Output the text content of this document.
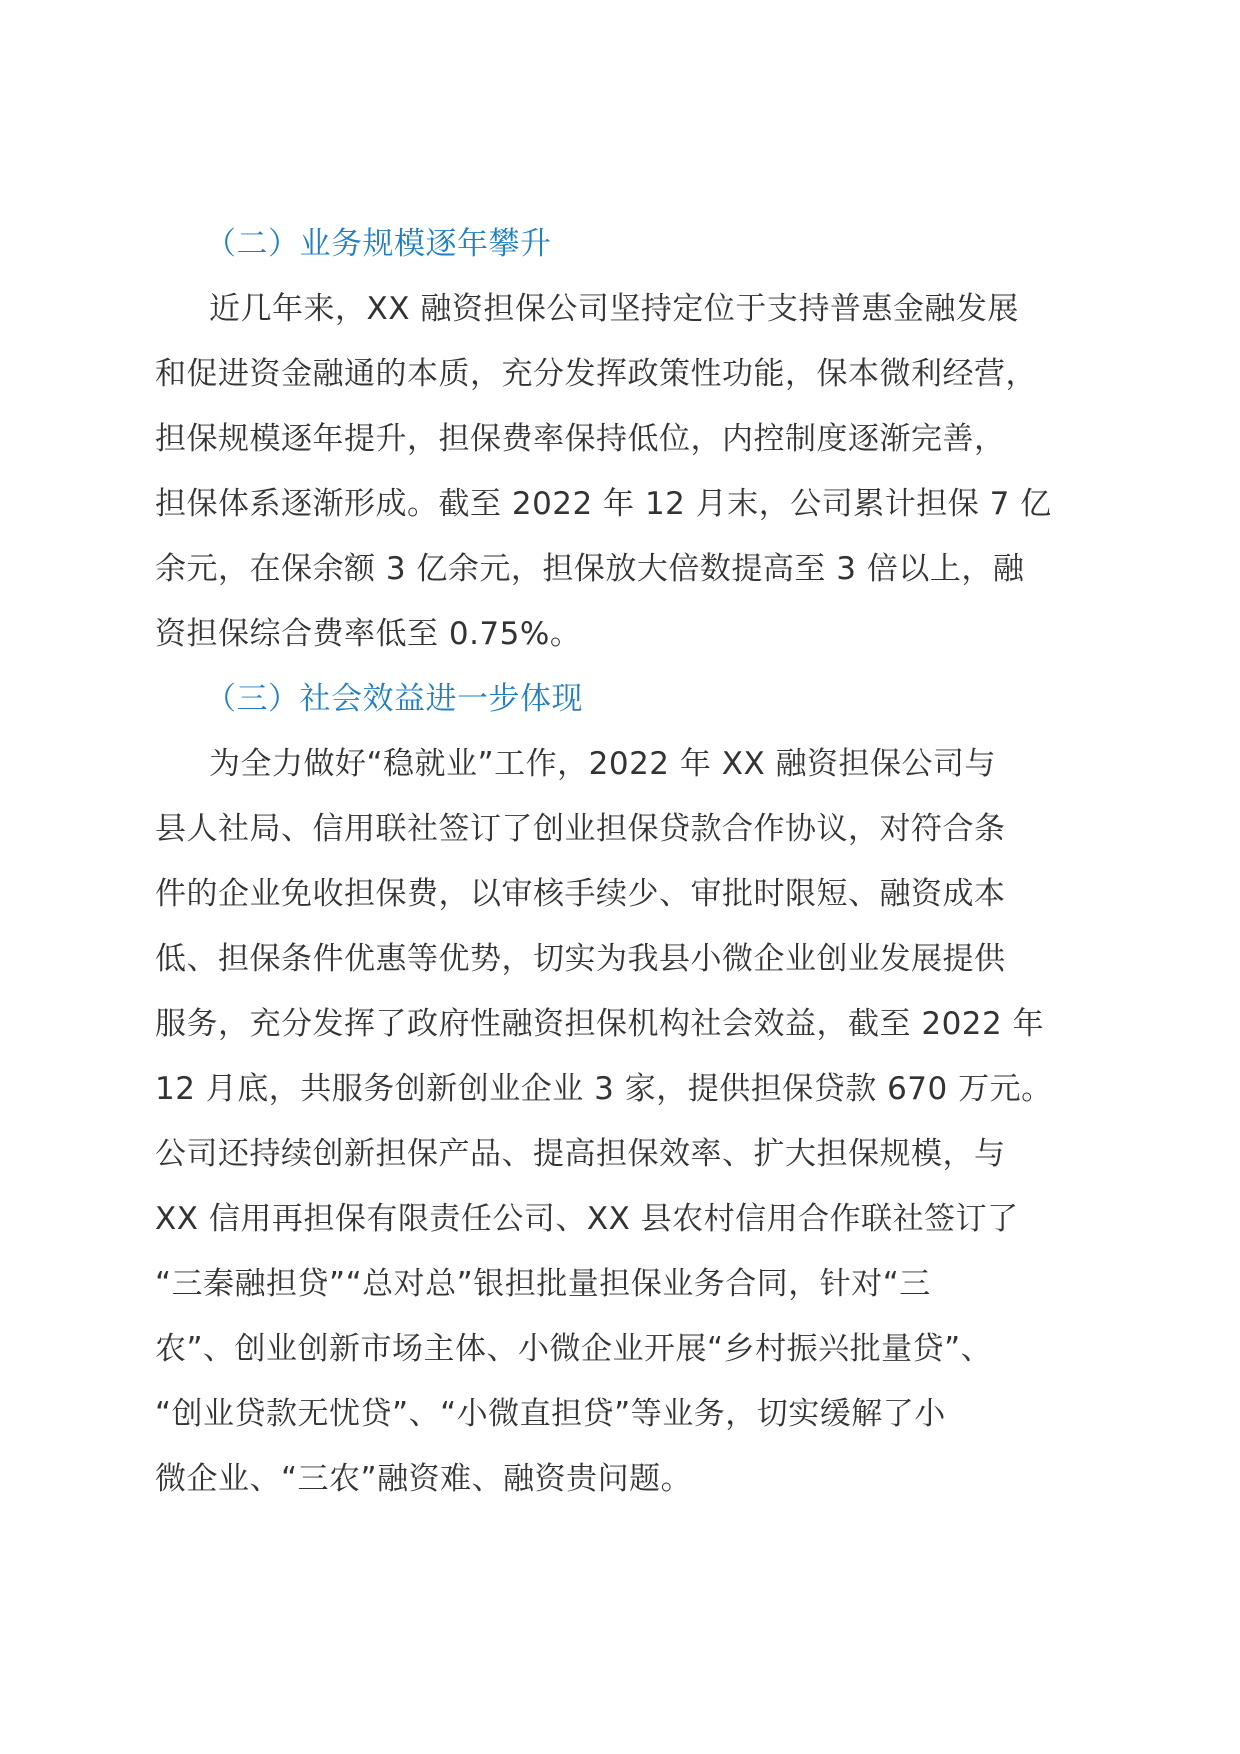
（二）业务规模逐年攀升
近几年来，XX 融资担保公司坚持定位于支持普惠金融发展
和促进资金融通的本质，充分发挥政策性功能，保本微利经营，
担保规模逐年提升，担保费率保持低位，内控制度逐渐完善，
担保体系逐渐形成。截至 2022 年 12 月末，公司累计担保 7 亿
余元，在保余额 3 亿余元，担保放大倍数提高至 3 倍以上，融
资担保综合费率低至 0.75%。
（三）社会效益进一步体现
为全力做好“稳就业”工作，2022 年 XX 融资担保公司与
县人社局、信用联社签订了创业担保贷款合作协议，对符合条
件的企业免收担保费，以审核手续少、审批时限短、融资成本
低、担保条件优惠等优势，切实为我县小微企业创业发展提供
服务，充分发挥了政府性融资担保机构社会效益，截至 2022 年
12 月底，共服务创新创业企业 3 家，提供担保贷款 670 万元。
公司还持续创新担保产品、提高担保效率、扩大担保规模，与
XX 信用再担保有限责任公司、XX 县农村信用合作联社签订了
“三秦融担贷”“总对总”银担批量担保业务合同，针对“三
农”、创业创新市场主体、小微企业开展“乡村振兴批量贷”、
“创业贷款无忧贷”、“小微直担贷”等业务，切实缓解了小
微企业、“三农”融资难、融资贵问题。
